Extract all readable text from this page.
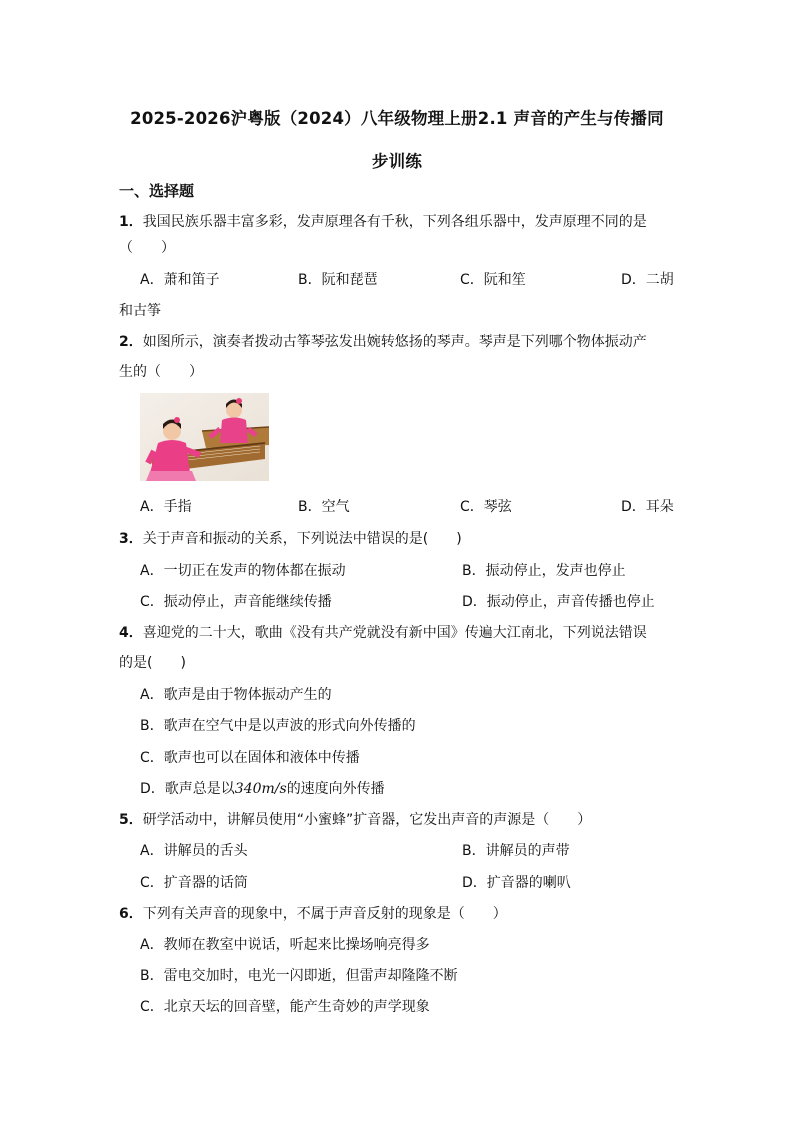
2025-2026沪粤版（2024）八年级物理上册2.1 声音的产生与传播同
步训练
一、选择题
1．我国民族乐器丰富多彩，发声原理各有千秋，下列各组乐器中，发声原理不同的是
（　　）
A．萧和笛子	B．阮和琵琶	C．阮和笙	D．二胡
和古筝
2．如图所示，演奏者拨动古筝琴弦发出婉转悠扬的琴声。琴声是下列哪个物体振动产
生的（　　）
A．手指	B．空气	C．琴弦	D．耳朵
3．关于声音和振动的关系，下列说法中错误的是(　　)
A．一切正在发声的物体都在振动	B．振动停止，发声也停止
C．振动停止，声音能继续传播	D．振动停止，声音传播也停止
4．喜迎党的二十大，歌曲《没有共产党就没有新中国》传遍大江南北，下列说法错误
的是(　　)
A．歌声是由于物体振动产生的
B．歌声在空气中是以声波的形式向外传播的
C．歌声也可以在固体和液体中传播
D．歌声总是以340m/s的速度向外传播
5．研学活动中，讲解员使用“小蜜蜂”扩音器，它发出声音的声源是（　　）
A．讲解员的舌头	B．讲解员的声带
C．扩音器的话筒	D．扩音器的喇叭
6．下列有关声音的现象中，不属于声音反射的现象是（　　）
A．教师在教室中说话，听起来比操场响亮得多
B．雷电交加时，电光一闪即逝，但雷声却隆隆不断
C．北京天坛的回音壁，能产生奇妙的声学现象
